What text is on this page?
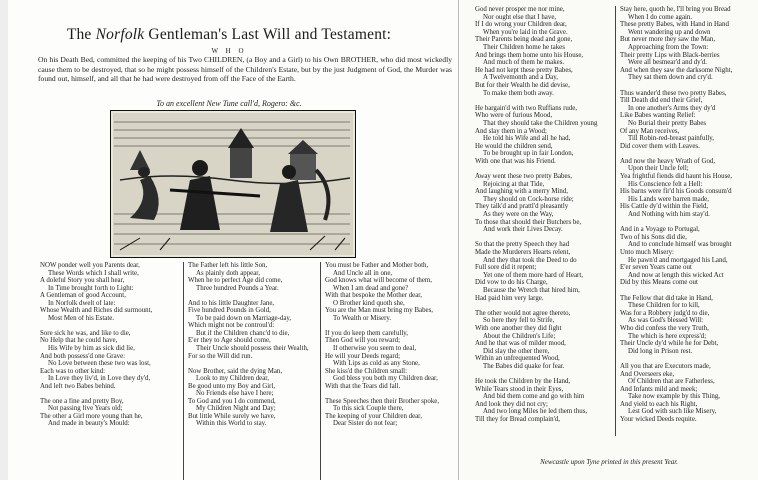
The Norfolk Gentleman's Last Will and Testament:
W H O
On his Death Bed, committed the keeping of his Two CHILDREN, (a Boy and a Girl) to his Own BROTHER, who did most wickedly cause them to be destroyed, that so he might possess himself of the Children's Estate, but by the just Judgment of God, the Murder was found out, himself, and all that he had were destroyed from off the Face of the Earth.
To an excellent New Tune call'd, Rogero: &c.
NOW ponder well you Parents dear,
These Words which I shall write,
A doleful Story you shall hear,
In Time brought forth to Light:
A Gentleman of good Account,
In Norfolk dwelt of late:
Whose Wealth and Riches did surmount,
Most Men of his Estate.

Sore sick he was, and like to die,
No Help that he could have,
His Wife by him as sick did lie,
And both possess'd one Grave:
No Love between these two was lost,
Each was to other kind:
In Love they liv'd, in Love they dy'd,
And left two Babes behind.

The one a fine and pretty Boy,
Not passing five Years old;
The other a Girl more young than he,
And made in beauty's Mould:
The Father left his little Son,
As plainly doth appear,
When he to perfect Age did come,
Three hundred Pounds a Year.

And to his little Daughter Jane,
Five hundred Pounds in Gold,
To be paid down on Marriage-day,
Which might not be controul'd:
But if the Children chanc'd to die,
E'er they to Age should come,
Their Uncle should possess their Wealth,
For so the Will did run.

Now Brother, said the dying Man,
Look to my Children dear,
Be good unto my Boy and Girl,
No Friends else have I here;
To God and you I do commend,
My Children Night and Day;
But little While surely we have,
Within this World to stay.
You must be Father and Mother both,
And Uncle all in one,
God knows what will become of them,
When I am dead and gone?
With that bespoke the Mother dear,
O Brother kind quoth she,
You are the Man must bring my Babes,
To Wealth or Misery.

If you do keep them carefully,
Then God will you reward;
If otherwise you seem to deal,
He will your Deeds regard;
With Lips as cold as any Stone,
She kiss'd the Children small:
God bless you both my Children dear,
With that the Tears did fall.

These Speeches then their Brother spoke,
To this sick Couple there,
The keeping of your Children dear,
Dear Sister do not fear;
God never prosper me nor mine,
Nor ought else that I have,
If I do wrong your Children dear,
When you're laid in the Grave.
Their Parents being dead and gone,
Their Children home he takes
And brings them home unto his House,
And much of them he makes.
He had not kept these pretty Babes,
A Twelvemonth and a Day,
But for their Wealth he did devise,
To make them both away.

He bargain'd with two Ruffians rude,
Who were of furious Mood,
That they should take the Children young
And slay them in a Wood;
He told his Wife and all he had,
He would the children send,
To be brought up in fair London,
With one that was his Friend.

Away went these two pretty Babes,
Rejoicing at that Tide,
And laughing with a merry Mind,
They should on Cock-horse ride;
They talk'd and prattl'd pleasantly
As they were on the Way,
To those that should their Butchers be,
And work their Lives Decay.

So that the pretty Speech they had
Made the Murderers Hearts relent,
And they that took the Deed to do
Full sore did it repent;
Yet one of them more hard of Heart,
Did vow to do his Charge,
Because the Wretch that hired him,
Had paid him very large.

The other would not agree thereto,
So here they fell to Strife,
With one another they did fight
About the Children's Life;
And he that was of milder mood,
Did slay the other there,
Within an unfrequented Wood,
The Babes did quake for fear.

He took the Children by the Hand,
While Tears stood in their Eyes,
And bid them come and go with him
And look they did not cry;
And two long Miles he led them thus,
Till they for Bread complain'd,
Stay here, quoth he, I'll bring you Bread
When I do come again.
These pretty Babes, with Hand in Hand
Went wandering up and down
But never more they saw the Man,
Approaching from the Town:
Their pretty Lips with Black-berries
Were all besmear'd and dy'd.
And when they saw the darksome Night,
They sat them down and cry'd.

Thus wander'd these two pretty Babes,
Till Death did end their Grief,
In one another's Arms they dy'd
Like Babes wanting Relief:
No Burial their pretty Babes
Of any Man receives,
Till Robin-red-breast painfully,
Did cover them with Leaves.

And now the heavy Wrath of God,
Upon their Uncle fell;
Yea frightful fiends did haunt his House,
His Conscience felt a Hell:
His barns were fir'd his Goods consum'd
His Lands were barren made,
His Cattle dy'd within the Field,
And Nothing with him stay'd.

And in a Voyage to Portugal,
Two of his Sons did die,
And to conclude himself was brought
Unto much Misery:
He pawn'd and mortgaged his Land,
E'er seven Years came out
And now at length this wicked Act
Did by this Means come out

The Fellow that did take in Hand,
These Children for to kill,
Was for a Robbery judg'd to die,
As was God's blessed Will:
Who did confess the very Truth,
The which is here express'd;
Their Uncle dy'd while he for Debt,
Did long in Prison rest.

All you that are Executors made,
And Overseers eke,
Of Children that are Fatherless,
And Infants mild and meek;
Take now example by this Thing,
And yield to each his Right,
Lest God with such like Misery,
Your wicked Deeds requite.
Newcastle upon Tyne printed in this present Year.
